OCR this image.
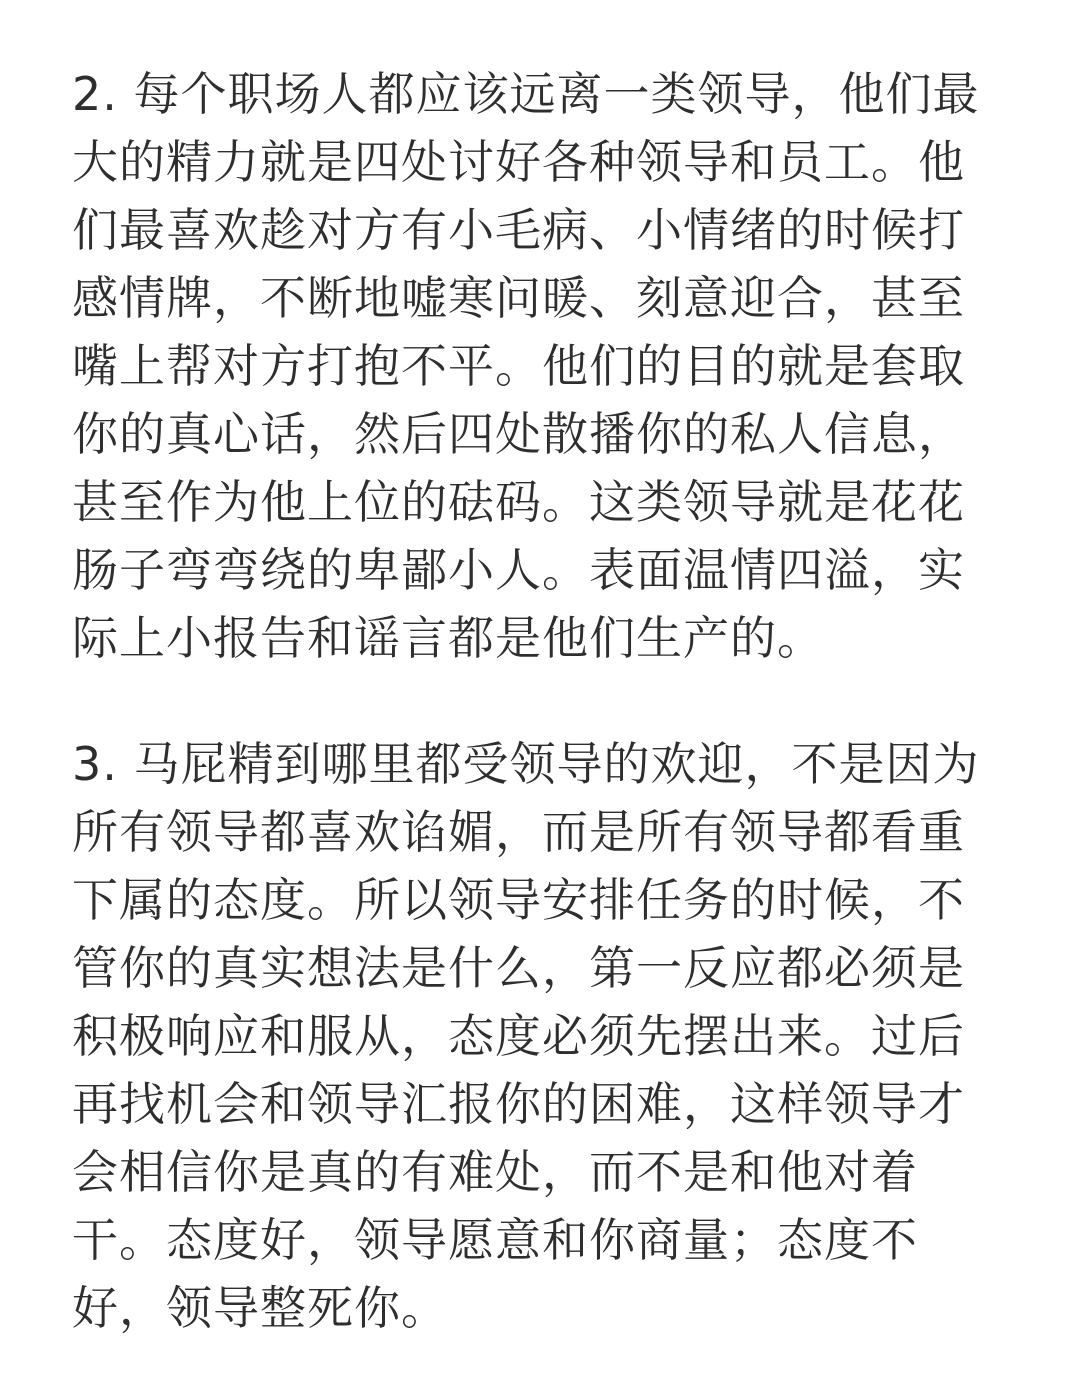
2. 每个职场人都应该远离一类领导，他们最
大的精力就是四处讨好各种领导和员工。他
们最喜欢趁对方有小毛病、小情绪的时候打
感情牌，不断地嘘寒问暖、刻意迎合，甚至
嘴上帮对方打抱不平。他们的目的就是套取
你的真心话，然后四处散播你的私人信息，
甚至作为他上位的砝码。这类领导就是花花
肠子弯弯绕的卑鄙小人。表面温情四溢，实
际上小报告和谣言都是他们生产的。
3. 马屁精到哪里都受领导的欢迎，不是因为
所有领导都喜欢谄媚，而是所有领导都看重
下属的态度。所以领导安排任务的时候，不
管你的真实想法是什么，第一反应都必须是
积极响应和服从，态度必须先摆出来。过后
再找机会和领导汇报你的困难，这样领导才
会相信你是真的有难处，而不是和他对着
干。态度好，领导愿意和你商量；态度不
好，领导整死你。
